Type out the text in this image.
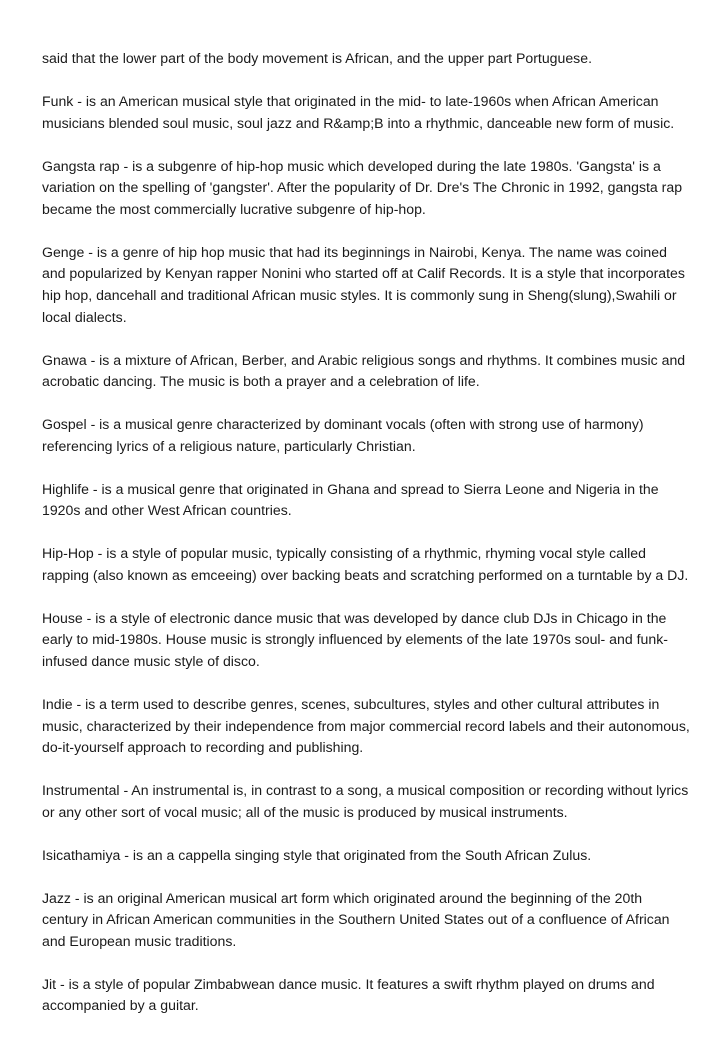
said that the lower part of the body movement is African, and the upper part Portuguese.

Funk - is an American musical style that originated in the mid- to late-1960s when African American musicians blended soul music, soul jazz and R&amp;B into a rhythmic, danceable new form of music.

Gangsta rap - is a subgenre of hip-hop music which developed during the late 1980s. 'Gangsta' is a variation on the spelling of 'gangster'. After the popularity of Dr. Dre's The Chronic in 1992, gangsta rap became the most commercially lucrative subgenre of hip-hop.

Genge - is a genre of hip hop music that had its beginnings in Nairobi, Kenya. The name was coined and popularized by Kenyan rapper Nonini who started off at Calif Records. It is a style that incorporates hip hop, dancehall and traditional African music styles. It is commonly sung in Sheng(slung),Swahili or local dialects.

Gnawa - is a mixture of African, Berber, and Arabic religious songs and rhythms. It combines music and acrobatic dancing. The music is both a prayer and a celebration of life.

Gospel - is a musical genre characterized by dominant vocals (often with strong use of harmony) referencing lyrics of a religious nature, particularly Christian.

Highlife - is a musical genre that originated in Ghana and spread to Sierra Leone and Nigeria in the 1920s and other West African countries.

Hip-Hop - is a style of popular music, typically consisting of a rhythmic, rhyming vocal style called rapping (also known as emceeing) over backing beats and scratching performed on a turntable by a DJ.

House - is a style of electronic dance music that was developed by dance club DJs in Chicago in the early to mid-1980s. House music is strongly influenced by elements of the late 1970s soul- and funk-infused dance music style of disco.

Indie - is a term used to describe genres, scenes, subcultures, styles and other cultural attributes in music, characterized by their independence from major commercial record labels and their autonomous, do-it-yourself approach to recording and publishing.

Instrumental - An instrumental is, in contrast to a song, a musical composition or recording without lyrics or any other sort of vocal music; all of the music is produced by musical instruments.

Isicathamiya - is an a cappella singing style that originated from the South African Zulus.

Jazz - is an original American musical art form which originated around the beginning of the 20th century in African American communities in the Southern United States out of a confluence of African and European music traditions.

Jit - is a style of popular Zimbabwean dance music. It features a swift rhythm played on drums and accompanied by a guitar.
